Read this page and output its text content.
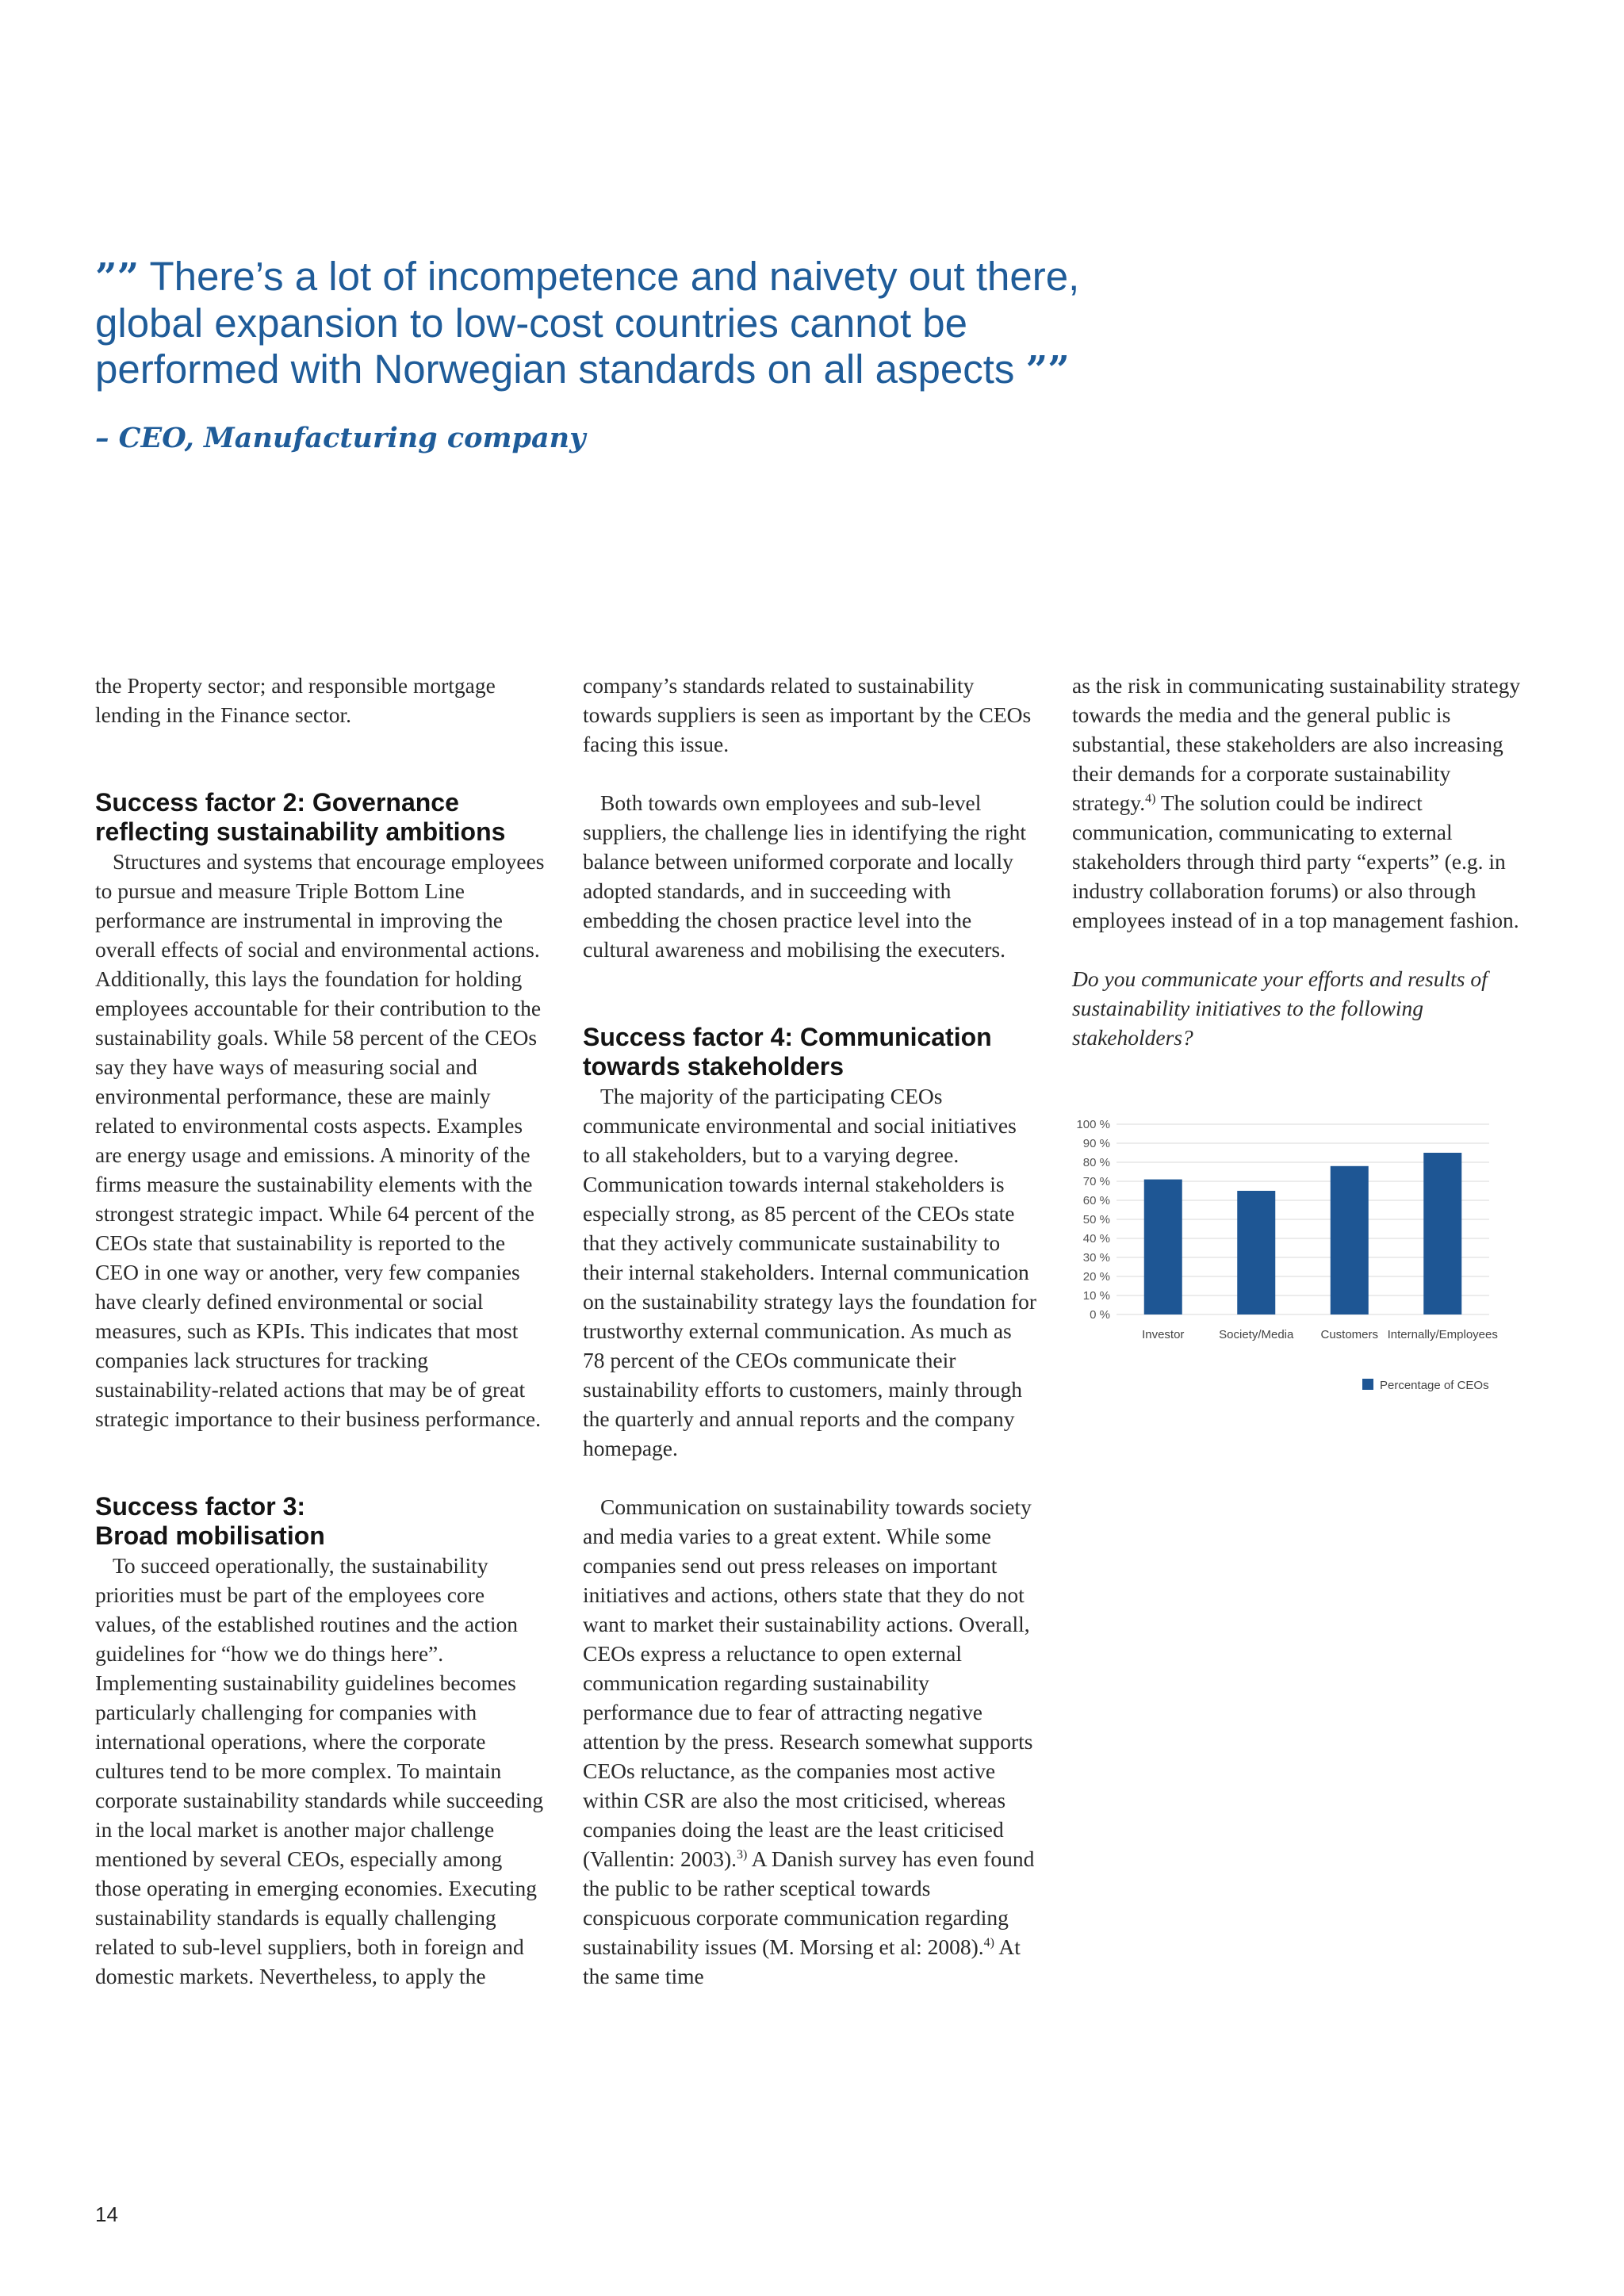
”” There’s a lot of incompetence and naivety out there, global expansion to low-cost countries cannot be performed with Norwegian standards on all aspects ””
– CEO, Manufacturing company

the Property sector; and responsible mortgage lending in the Finance sector.

Success factor 2: Governance reflecting sustainability ambitions

Structures and systems that encourage employees to pursue and measure Triple Bottom Line performance are instrumental in improving the overall effects of social and environmental actions. Additionally, this lays the foundation for holding employees accountable for their contribution to the sustainability goals. While 58 percent of the CEOs say they have ways of measuring social and environmental performance, these are mainly related to environmental costs aspects. Examples are energy usage and emissions. A minority of the firms measure the sustainability elements with the strongest strategic impact. While 64 percent of the CEOs state that sustainability is reported to the CEO in one way or another, very few companies have clearly defined environmental or social measures, such as KPIs. This indicates that most companies lack structures for tracking sustainability-related actions that may be of great strategic importance to their business performance.

Success factor 3:
Broad mobilisation

To succeed operationally, the sustainability priorities must be part of the employees core values, of the established routines and the action guidelines for “how we do things here”. Implementing sustainability guidelines becomes particularly challenging for companies with international operations, where the corporate cultures tend to be more complex. To maintain corporate sustainability standards while succeeding in the local market is another major challenge mentioned by several CEOs, especially among those operating in emerging economies. Executing sustainability standards is equally challenging related to sub-level suppliers, both in foreign and domestic markets. Nevertheless, to apply the

company’s standards related to sustainability towards suppliers is seen as important by the CEOs facing this issue.

Both towards own employees and sub-level suppliers, the challenge lies in identifying the right balance between uniformed corporate and locally adopted standards, and in succeeding with embedding the chosen practice level into the cultural awareness and mobilising the executers.

Success factor 4: Communication towards stakeholders

The majority of the participating CEOs communicate environmental and social initiatives to all stakeholders, but to a varying degree. Communication towards internal stakeholders is especially strong, as 85 percent of the CEOs state that they actively communicate sustainability to their internal stakeholders. Internal communication on the sustainability strategy lays the foundation for trustworthy external communication. As much as 78 percent of the CEOs communicate their sustainability efforts to customers, mainly through the quarterly and annual reports and the company homepage.

Communication on sustainability towards society and media varies to a great extent. While some companies send out press releases on important initiatives and actions, others state that they do not want to market their sustainability actions. Overall, CEOs express a reluctance to open external communication regarding sustainability performance due to fear of attracting negative attention by the press. Research somewhat supports CEOs reluctance, as the companies most active within CSR are also the most criticised, whereas companies doing the least are the least criticised (Vallentin: 2003).$^{3)}$ A Danish survey has even found the public to be rather sceptical towards conspicuous corporate communication regarding sustainability issues (M. Morsing et al: 2008).$^{4)}$ At the same time

as the risk in communicating sustainability strategy towards the media and the general public is substantial, these stakeholders are also increasing their demands for a corporate sustainability strategy.$^{4)}$ The solution could be indirect communication, communicating to external stakeholders through third party “experts” (e.g. in industry collaboration forums) or also through employees instead of in a top management fashion.

Do you communicate your efforts and results of sustainability initiatives to the following stakeholders?

0 %
10 %
20 %
30 %
40 %
50 %
60 %
70 %
80 %
90 %
100 %
Investor	Society/Media Customers Internally/Employees
Percentage of CEOs
14
